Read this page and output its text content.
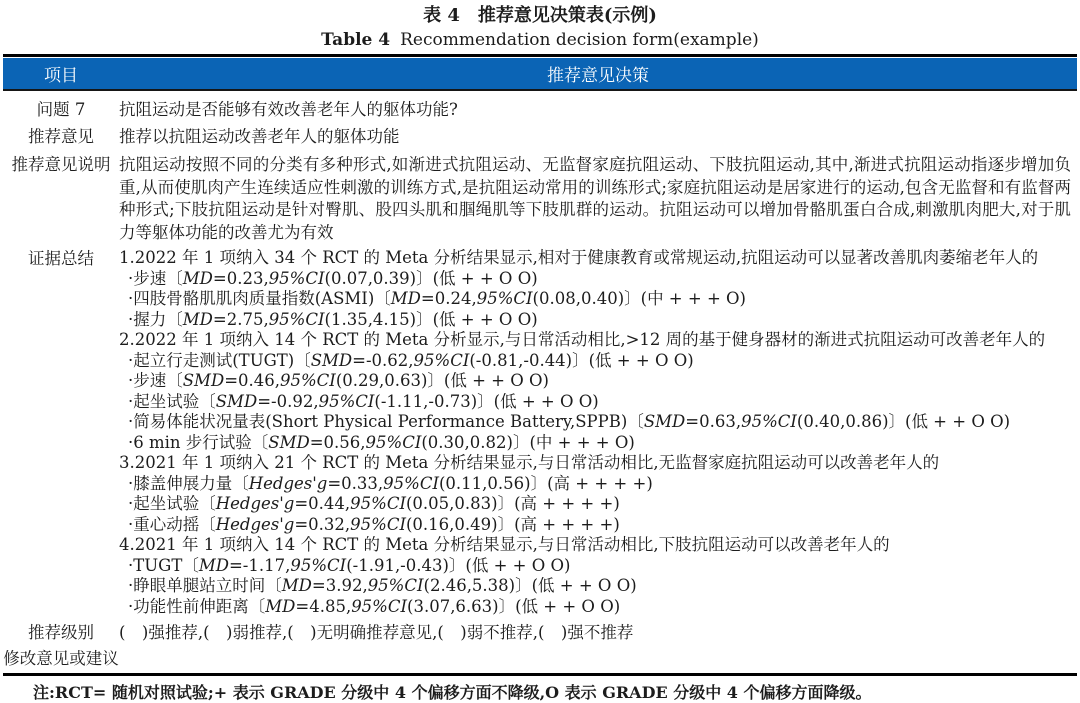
表 4　推荐意见决策表(示例)
Table 4 Recommendation decision form(example)
项目	推荐意见决策
问题 7	抗阻运动是否能够有效改善老年人的躯体功能?
推荐意见	推荐以抗阻运动改善老年人的躯体功能
推荐意见说明 抗阻运动按照不同的分类有多种形式,如渐进式抗阻运动、无监督家庭抗阻运动、下肢抗阻运动,其中,渐进式抗阻运动指逐步增加负重,从而使肌肉产生连续适应性刺激的训练方式,是抗阻运动常用的训练形式;家庭抗阻运动是居家进行的运动,包含无监督和有监督两种形式;下肢抗阻运动是针对臀肌、股四头肌和腘绳肌等下肢肌群的运动。抗阻运动可以增加骨骼肌蛋白合成,刺激肌肉肥大,对于肌力等躯体功能的改善尤为有效
证据总结	1.2022 年 1 项纳入 34 个 RCT 的 Meta 分析结果显示,相对于健康教育或常规运动,抗阻运动可以显著改善肌肉萎缩老年人的
·步速〔MD=0.23,95%CI(0.07,0.39)〕(低 + + O O)
·四肢骨骼肌肌肉质量指数(ASMI)〔MD=0.24,95%CI(0.08,0.40)〕(中 + + + O)
·握力〔MD=2.75,95%CI(1.35,4.15)〕(低 + + O O)
2.2022 年 1 项纳入 14 个 RCT 的 Meta 分析显示,与日常活动相比,>12 周的基于健身器材的渐进式抗阻运动可改善老年人的
·起立行走测试(TUGT)〔SMD=-0.62,95%CI(-0.81,-0.44)〕(低 + + O O)
·步速〔SMD=0.46,95%CI(0.29,0.63)〕(低 + + O O)
·起坐试验〔SMD=-0.92,95%CI(-1.11,-0.73)〕(低 + + O O)
·简易体能状况量表(Short Physical Performance Battery,SPPB)〔SMD=0.63,95%CI(0.40,0.86)〕(低 + + O O)
·6 min 步行试验〔SMD=0.56,95%CI(0.30,0.82)〕(中 + + + O)
3.2021 年 1 项纳入 21 个 RCT 的 Meta 分析结果显示,与日常活动相比,无监督家庭抗阻运动可以改善老年人的
·膝盖伸展力量〔Hedges'g=0.33,95%CI(0.11,0.56)〕(高 + + + +)
·起坐试验〔Hedges'g=0.44,95%CI(0.05,0.83)〕(高 + + + +)
·重心动摇〔Hedges'g=0.32,95%CI(0.16,0.49)〕(高 + + + +)
4.2021 年 1 项纳入 14 个 RCT 的 Meta 分析结果显示,与日常活动相比,下肢抗阻运动可以改善老年人的
·TUGT〔MD=-1.17,95%CI(-1.91,-0.43)〕(低 + + O O)
·睁眼单腿站立时间〔MD=3.92,95%CI(2.46,5.38)〕(低 + + O O)
·功能性前伸距离〔MD=4.85,95%CI(3.07,6.63)〕(低 + + O O)
推荐级别	(　)强推荐,(　)弱推荐,(　)无明确推荐意见,(　)弱不推荐,(　)强不推荐
修改意见或建议
注:RCT= 随机对照试验;+ 表示 GRADE 分级中 4 个偏移方面不降级,O 表示 GRADE 分级中 4 个偏移方面降级。
